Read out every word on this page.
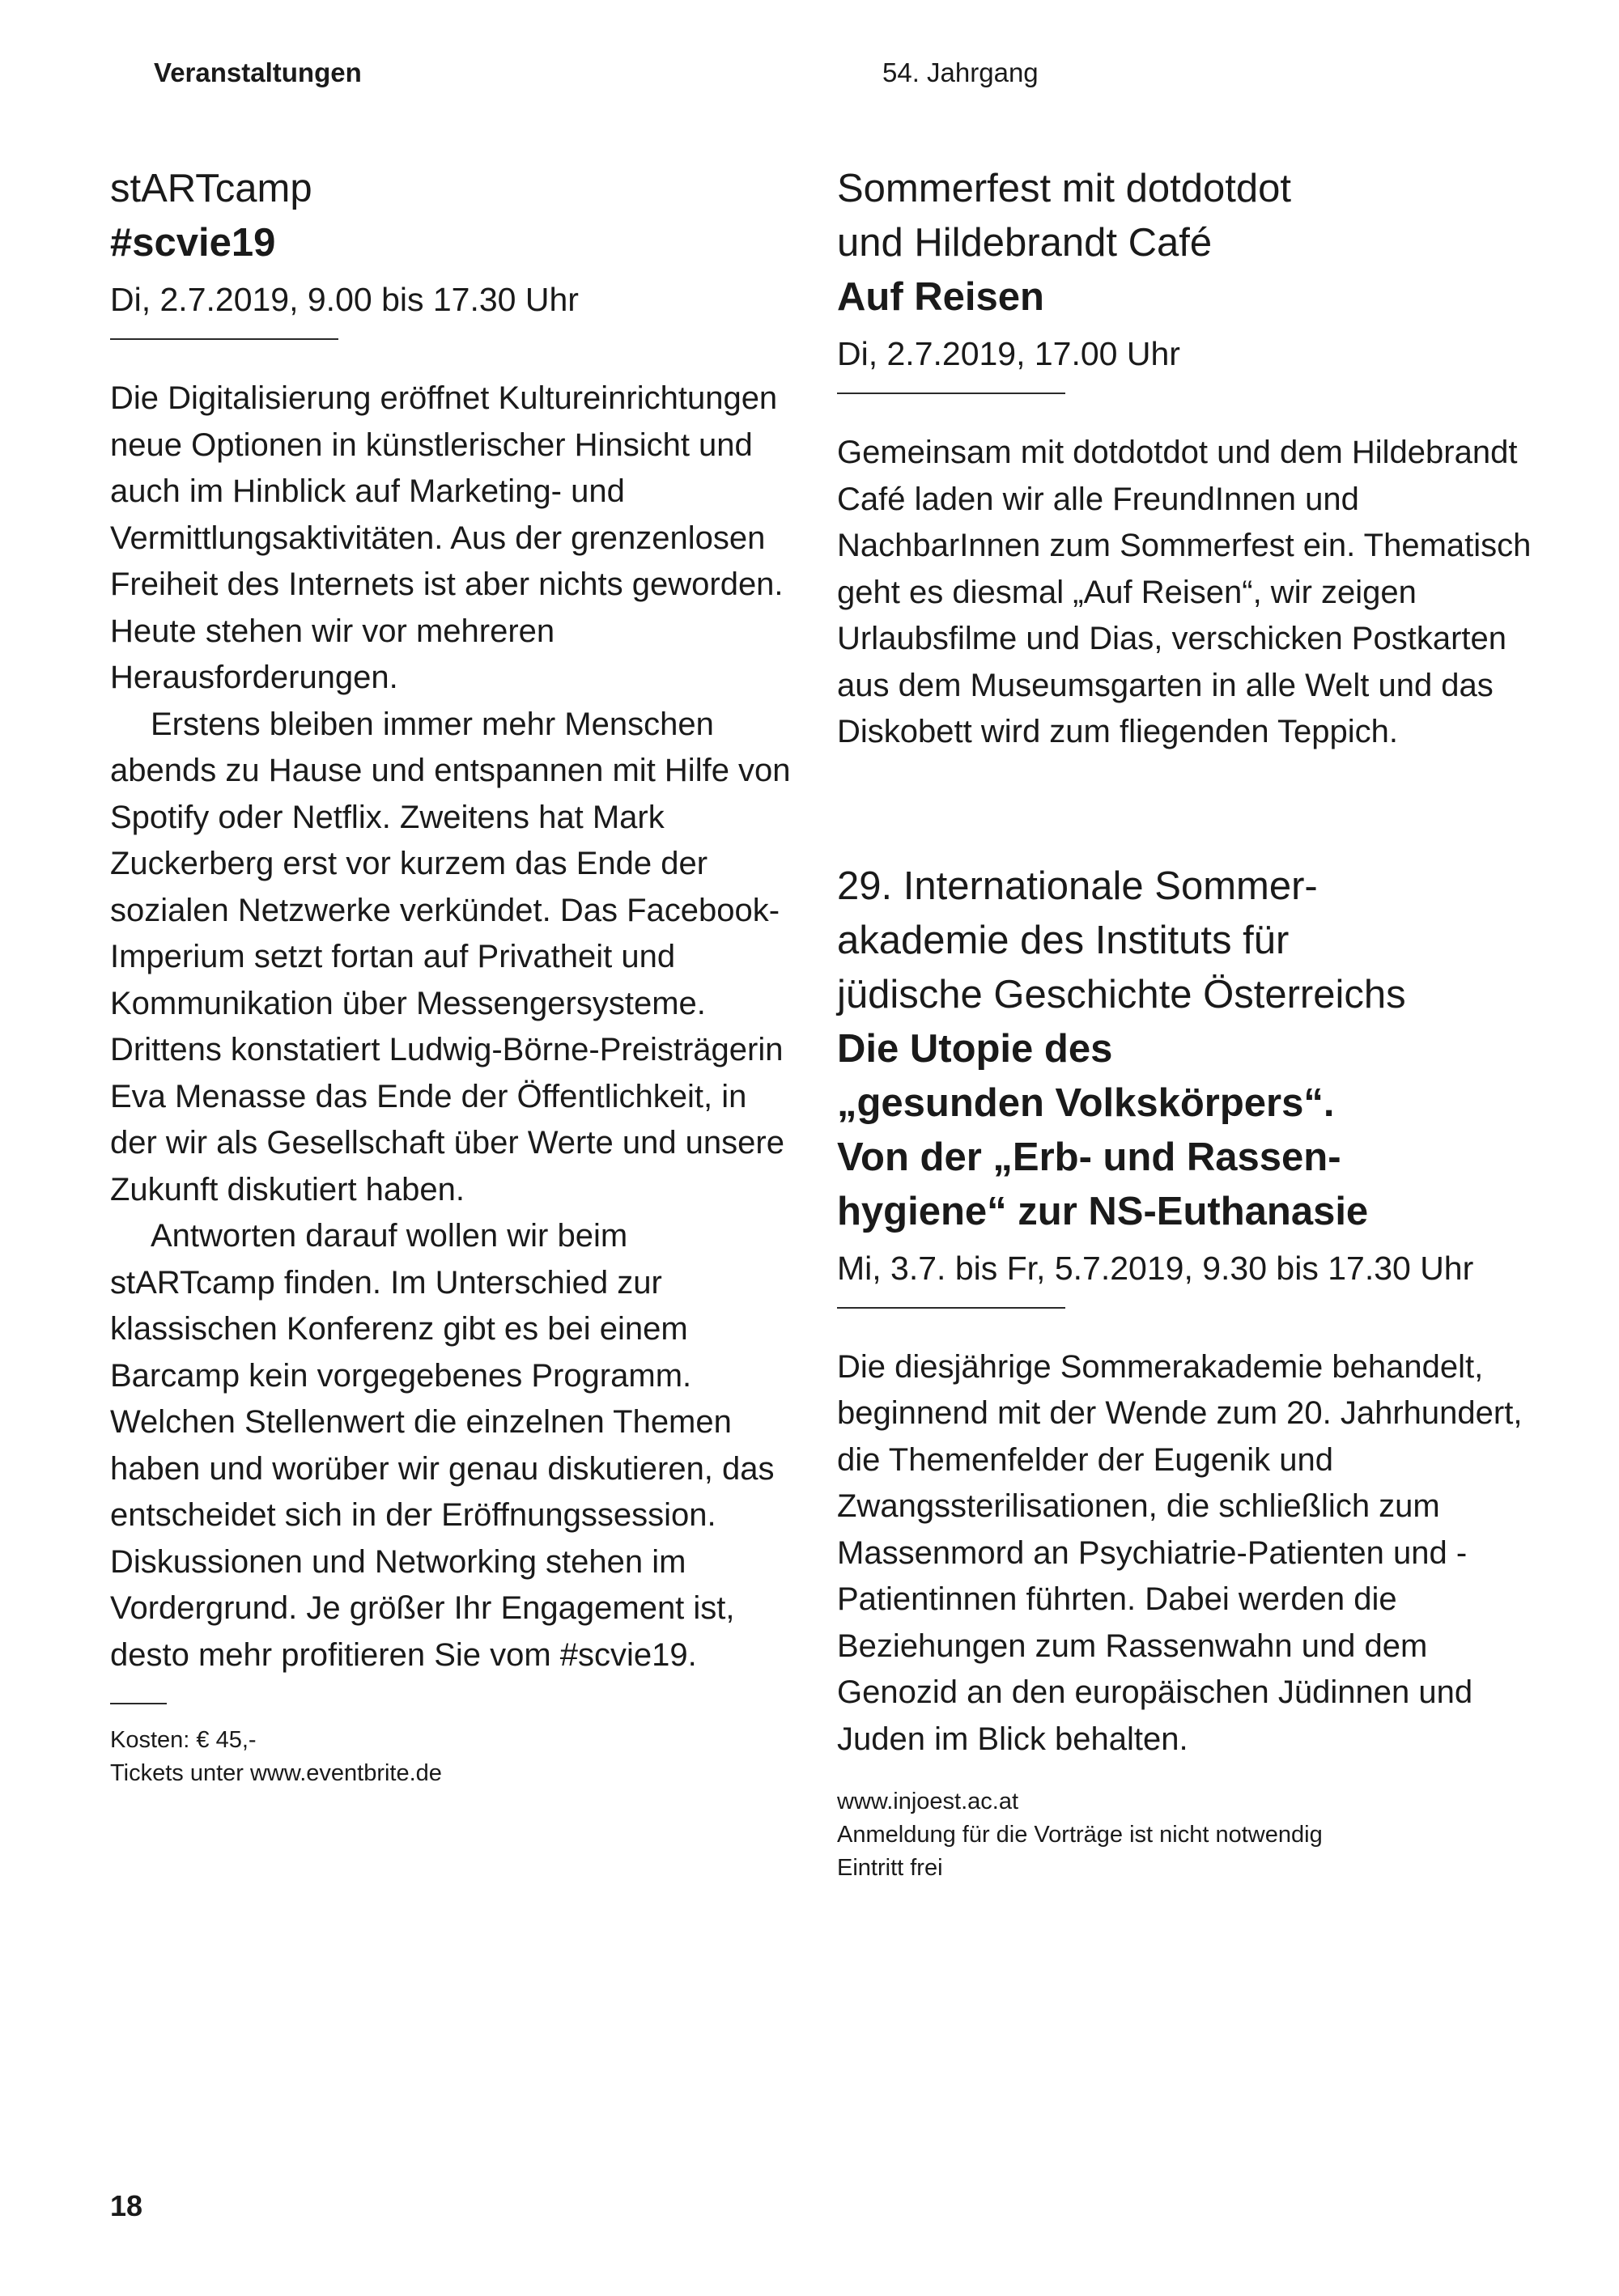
Veranstaltungen	54. Jahrgang

stARTcamp

#scvie19

Di, 2.7.2019, 9.00 bis 17.30 Uhr

Die Digitalisierung eröffnet Kultureinrichtungen neue Optionen in künstlerischer Hinsicht und auch im Hinblick auf Marketing- und Vermittlungsaktivitäten. Aus der grenzenlosen Freiheit des Internets ist aber nichts geworden. Heute stehen wir vor mehreren Herausforderungen.

Erstens bleiben immer mehr Menschen abends zu Hause und entspannen mit Hilfe von Spotify oder Netflix. Zweitens hat Mark Zuckerberg erst vor kurzem das Ende der sozialen Netzwerke verkündet. Das Facebook-Imperium setzt fortan auf Privatheit und Kommunikation über Messengersysteme. Drittens konstatiert Ludwig-Börne-Preisträgerin Eva Menasse das Ende der Öffentlichkeit, in der wir als Gesellschaft über Werte und unsere Zukunft diskutiert haben.

Antworten darauf wollen wir beim stARTcamp finden. Im Unterschied zur klassischen Konferenz gibt es bei einem Barcamp kein vorgegebenes Programm. Welchen Stellenwert die einzelnen Themen haben und worüber wir genau diskutieren, das entscheidet sich in der Eröffnungssession. Diskussionen und Networking stehen im Vordergrund. Je größer Ihr Engagement ist, desto mehr profitieren Sie vom #scvie19.

Kosten: € 45,-

Tickets unter www.eventbrite.de

Sommerfest mit dotdotdot

und Hildebrandt Café

Auf Reisen

Di, 2.7.2019, 17.00 Uhr

Gemeinsam mit dotdotdot und dem Hildebrandt Café laden wir alle FreundInnen und NachbarInnen zum Sommerfest ein. Thematisch geht es diesmal „Auf Reisen“, wir zeigen Urlaubsfilme und Dias, verschicken Postkarten aus dem Museumsgarten in alle Welt und das Diskobett wird zum fliegenden Teppich.

29. Internationale Sommer-

akademie des Instituts für

jüdische Geschichte Österreichs

Die Utopie des

„gesunden Volkskörpers“.

Von der „Erb- und Rassen-

hygiene“ zur NS-Euthanasie

Mi, 3.7. bis Fr, 5.7.2019, 9.30 bis 17.30 Uhr

Die diesjährige Sommerakademie behandelt, beginnend mit der Wende zum 20. Jahrhundert, die Themenfelder der Eugenik und Zwangssterilisationen, die schließlich zum Massenmord an Psychiatrie-Patienten und -Patientinnen führten. Dabei werden die Beziehungen zum Rassenwahn und dem Genozid an den europäischen Jüdinnen und Juden im Blick behalten.

www.injoest.ac.at

Anmeldung für die Vorträge ist nicht notwendig

Eintritt frei

18
